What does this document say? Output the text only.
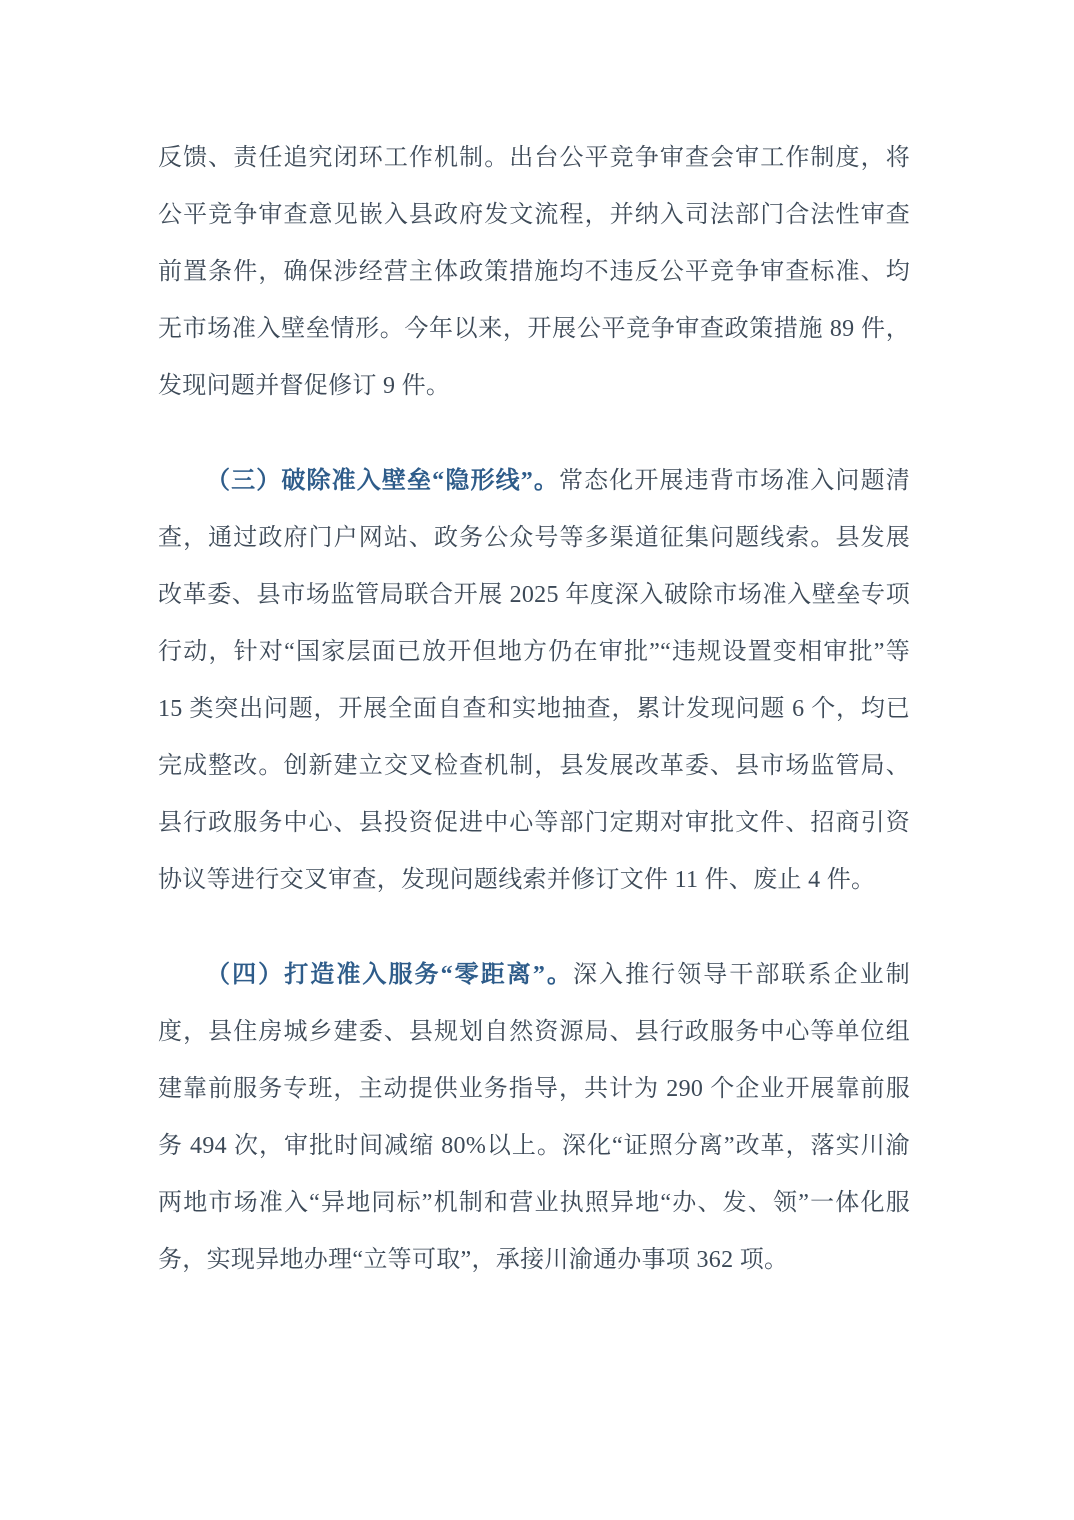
反馈、责任追究闭环工作机制。出台公平竞争审查会审工作制度，将公平竞争审查意见嵌入县政府发文流程，并纳入司法部门合法性审查前置条件，确保涉经营主体政策措施均不违反公平竞争审查标准、均无市场准入壁垒情形。今年以来，开展公平竞争审查政策措施 89 件，发现问题并督促修订 9 件。

（三）破除准入壁垒“隐形线”。常态化开展违背市场准入问题清查，通过政府门户网站、政务公众号等多渠道征集问题线索。县发展改革委、县市场监管局联合开展 2025 年度深入破除市场准入壁垒专项行动，针对“国家层面已放开但地方仍在审批”“违规设置变相审批”等 15 类突出问题，开展全面自查和实地抽查，累计发现问题 6 个，均已完成整改。创新建立交叉检查机制，县发展改革委、县市场监管局、县行政服务中心、县投资促进中心等部门定期对审批文件、招商引资协议等进行交叉审查，发现问题线索并修订文件 11 件、废止 4 件。

（四）打造准入服务“零距离”。深入推行领导干部联系企业制度，县住房城乡建委、县规划自然资源局、县行政服务中心等单位组建靠前服务专班，主动提供业务指导，共计为 290 个企业开展靠前服务 494 次，审批时间减缩 80%以上。深化“证照分离”改革，落实川渝两地市场准入“异地同标”机制和营业执照异地“办、发、领”一体化服务，实现异地办理“立等可取”，承接川渝通办事项 362 项。
